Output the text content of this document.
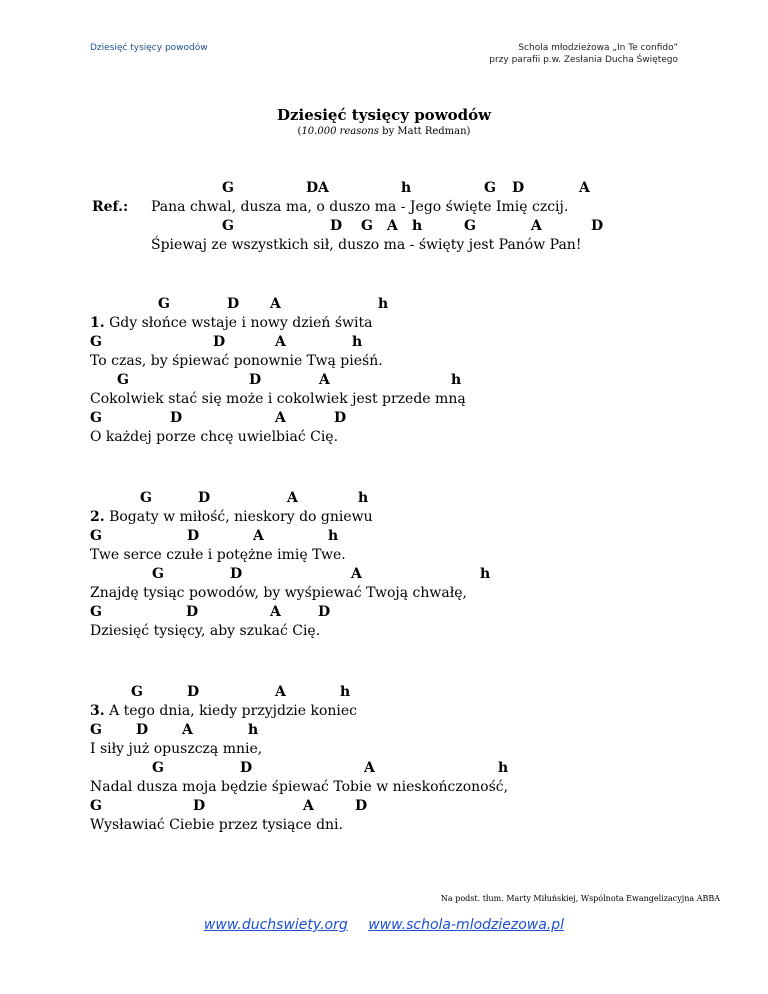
Dziesięć tysięcy powodów	Schola młodzieżowa „In Te confido”
przy parafii p.w. Zesłania Ducha Świętego
Dziesięć tysięcy powodów
(10.000 reasons by Matt Redman)
Ref.:
G	D A	h	G D	A
Pana chwal, dusza ma, o duszo ma - Jego święte Imię czcij.
G	D G A h	G	A	D
Śpiewaj ze wszystkich sił, duszo ma - święty jest Panów Pan!
G	D A	h
1. Gdy słońce wstaje i nowy dzień świta
G	D	A	h
To czas, by śpiewać ponownie Twą pieśń.
G	D	A	h
Cokolwiek stać się może i cokolwiek jest przede mną
G	D	A	D
O każdej porze chcę uwielbiać Cię.
G	D	A	h
2. Bogaty w miłość, nieskory do gniewu
G	D	A	h
Twe serce czułe i potężne imię Twe.
G	D	A	h
Znajdę tysiąc powodów, by wyśpiewać Twoją chwałę,
G	D	A	D
Dziesięć tysięcy, aby szukać Cię.
G	D	A	h
3. A tego dnia, kiedy przyjdzie koniec
G D A	h
I siły już opuszczą mnie,
G	D	A	h
Nadal dusza moja będzie śpiewać Tobie w nieskończoność,
G	D	A	D
Wysławiać Ciebie przez tysiące dni.
Na podst. tłum. Marty Miłuńskiej, Wspólnota Ewangelizacyjna ABBA
www.duchswiety.org www.schola-mlodziezowa.pl
